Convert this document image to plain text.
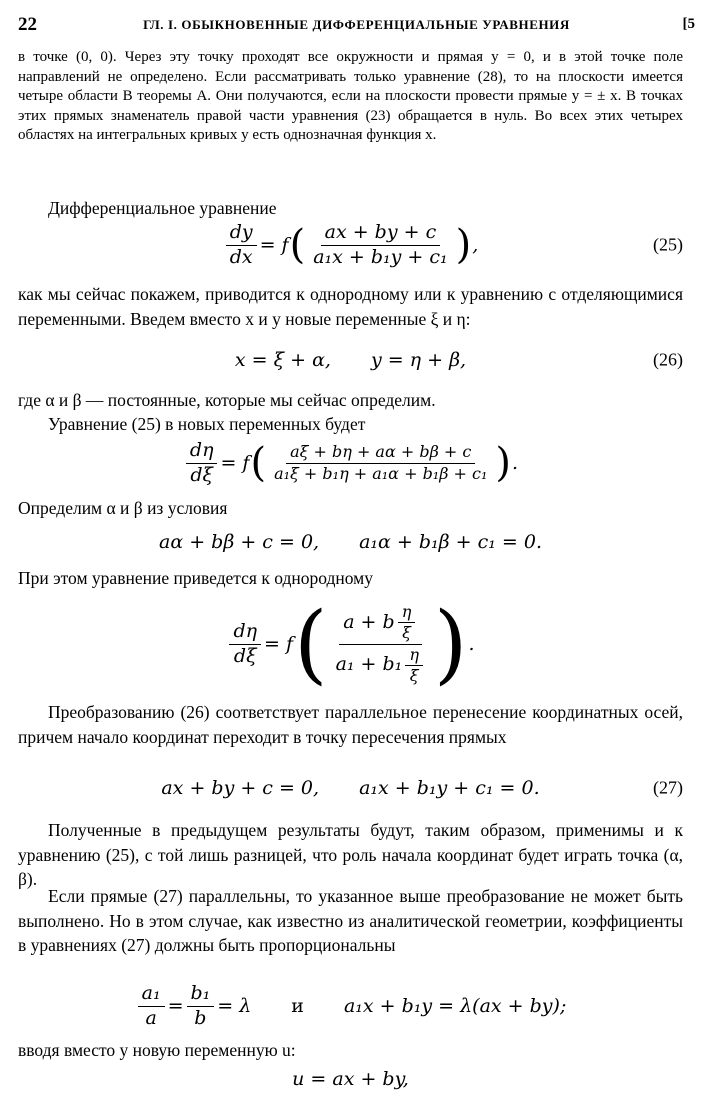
22	ГЛ. I. ОБЫКНОВЕННЫЕ ДИФФЕРЕНЦИАЛЬНЫЕ УРАВНЕНИЯ	[5

в точке (0, 0). Через эту точку проходят все окружности и прямая y = 0, и в этой точке поле направлений не определено. Если рассматривать только уравнение (28), то на плоскости имеется четыре области B теоремы A. Они получаются, если на плоскости провести прямые y = ± x. В точках этих прямых знаменатель правой части уравнения (23) обращается в нуль. Во всех этих четырех областях на интегральных кривых y есть однозначная функция x.

Дифференциальное уравнение

$\frac{dy}{dx} = f$ ( $\frac{ax + by + c}{\text{a₁x + b₁y + c₁}}$ ) ,	(25)

как мы сейчас покажем, приводится к однородному или к уравнению с отделяющимися переменными. Введем вместо x и y новые переменные ξ и η:

x = ξ + α, y = η + β,	(26)

где α и β — постоянные, которые мы сейчас определим.

Уравнение (25) в новых переменных будет

$\frac{d\eta}{d\xi} = f$ ( $\frac{a\xi + b\eta + a\alpha + b\beta + c}{\text{a₁ξ + b₁η + a₁α + b₁β + c₁}}$ ) .

Определим α и β из условия

aα + bβ + c = 0, a₁α + b₁β + c₁ = 0.

При этом уравнение приведется к однородному

$\frac{d\eta}{d\xi} = f$ ( $\frac{a + b \frac{\eta}{\xi}}{a_1 + b_1 \frac{\eta}{\xi}}$ ) .

Преобразованию (26) соответствует параллельное перенесение координатных осей, причем начало координат переходит в точку пересечения прямых

ax + by + c = 0, a₁x + b₁y + c₁ = 0.	(27)

Полученные в предыдущем результаты будут, таким образом, применимы и к уравнению (25), с той лишь разницей, что роль начала координат будет играть точка (α, β).

Если прямые (27) параллельны, то указанное выше преобразование не может быть выполнено. Но в этом случае, как известно из аналитической геометрии, коэффициенты в уравнениях (27) должны быть пропорциональны

$\frac{\text{a₁}}{a} = \frac{\text{b₁}}{b} = \lambda$ и a₁x + b₁y = λ(ax + by);

вводя вместо y новую переменную u:

u = ax + by,
